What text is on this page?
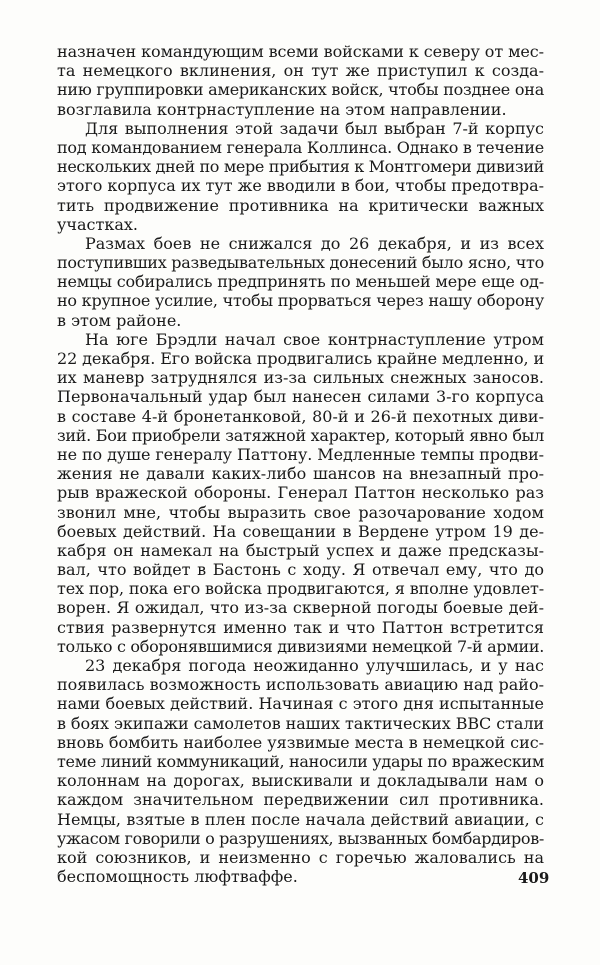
назначен командующим всеми войсками к северу от мес-
та немецкого вклинения, он тут же приступил к созда-
нию группировки американских войск, чтобы позднее она
возглавила контрнаступление на этом направлении.

Для выполнения этой задачи был выбран 7-й корпус
под командованием генерала Коллинса. Однако в течение
нескольких дней по мере прибытия к Монтгомери дивизий
этого корпуса их тут же вводили в бои, чтобы предотвра-
тить продвижение противника на критически важных
участках.

Размах боев не снижался до 26 декабря, и из всех
поступивших разведывательных донесений было ясно, что
немцы собирались предпринять по меньшей мере еще од-
но крупное усилие, чтобы прорваться через нашу оборону
в этом районе.

На юге Брэдли начал свое контрнаступление утром
22 декабря. Его войска продвигались крайне медленно, и
их маневр затруднялся из-за сильных снежных заносов.
Первоначальный удар был нанесен силами 3-го корпуса
в составе 4-й бронетанковой, 80-й и 26-й пехотных диви-
зий. Бои приобрели затяжной характер, который явно был
не по душе генералу Паттону. Медленные темпы продви-
жения не давали каких-либо шансов на внезапный про-
рыв вражеской обороны. Генерал Паттон несколько раз
звонил мне, чтобы выразить свое разочарование ходом
боевых действий. На совещании в Вердене утром 19 де-
кабря он намекал на быстрый успех и даже предсказы-
вал, что войдет в Бастонь с ходу. Я отвечал ему, что до
тех пор, пока его войска продвигаются, я вполне удовлет-
ворен. Я ожидал, что из-за скверной погоды боевые дей-
ствия развернутся именно так и что Паттон встретится
только с оборонявшимися дивизиями немецкой 7-й армии.

23 декабря погода неожиданно улучшилась, и у нас
появилась возможность использовать авиацию над райо-
нами боевых действий. Начиная с этого дня испытанные
в боях экипажи самолетов наших тактических ВВС стали
вновь бомбить наиболее уязвимые места в немецкой сис-
теме линий коммуникаций, наносили удары по вражеским
колоннам на дорогах, выискивали и докладывали нам о
каждом значительном передвижении сил противника.
Немцы, взятые в плен после начала действий авиации, с
ужасом говорили о разрушениях, вызванных бомбардиров-
кой союзников, и неизменно с горечью жаловались на
беспомощность люфтваффе.	409
